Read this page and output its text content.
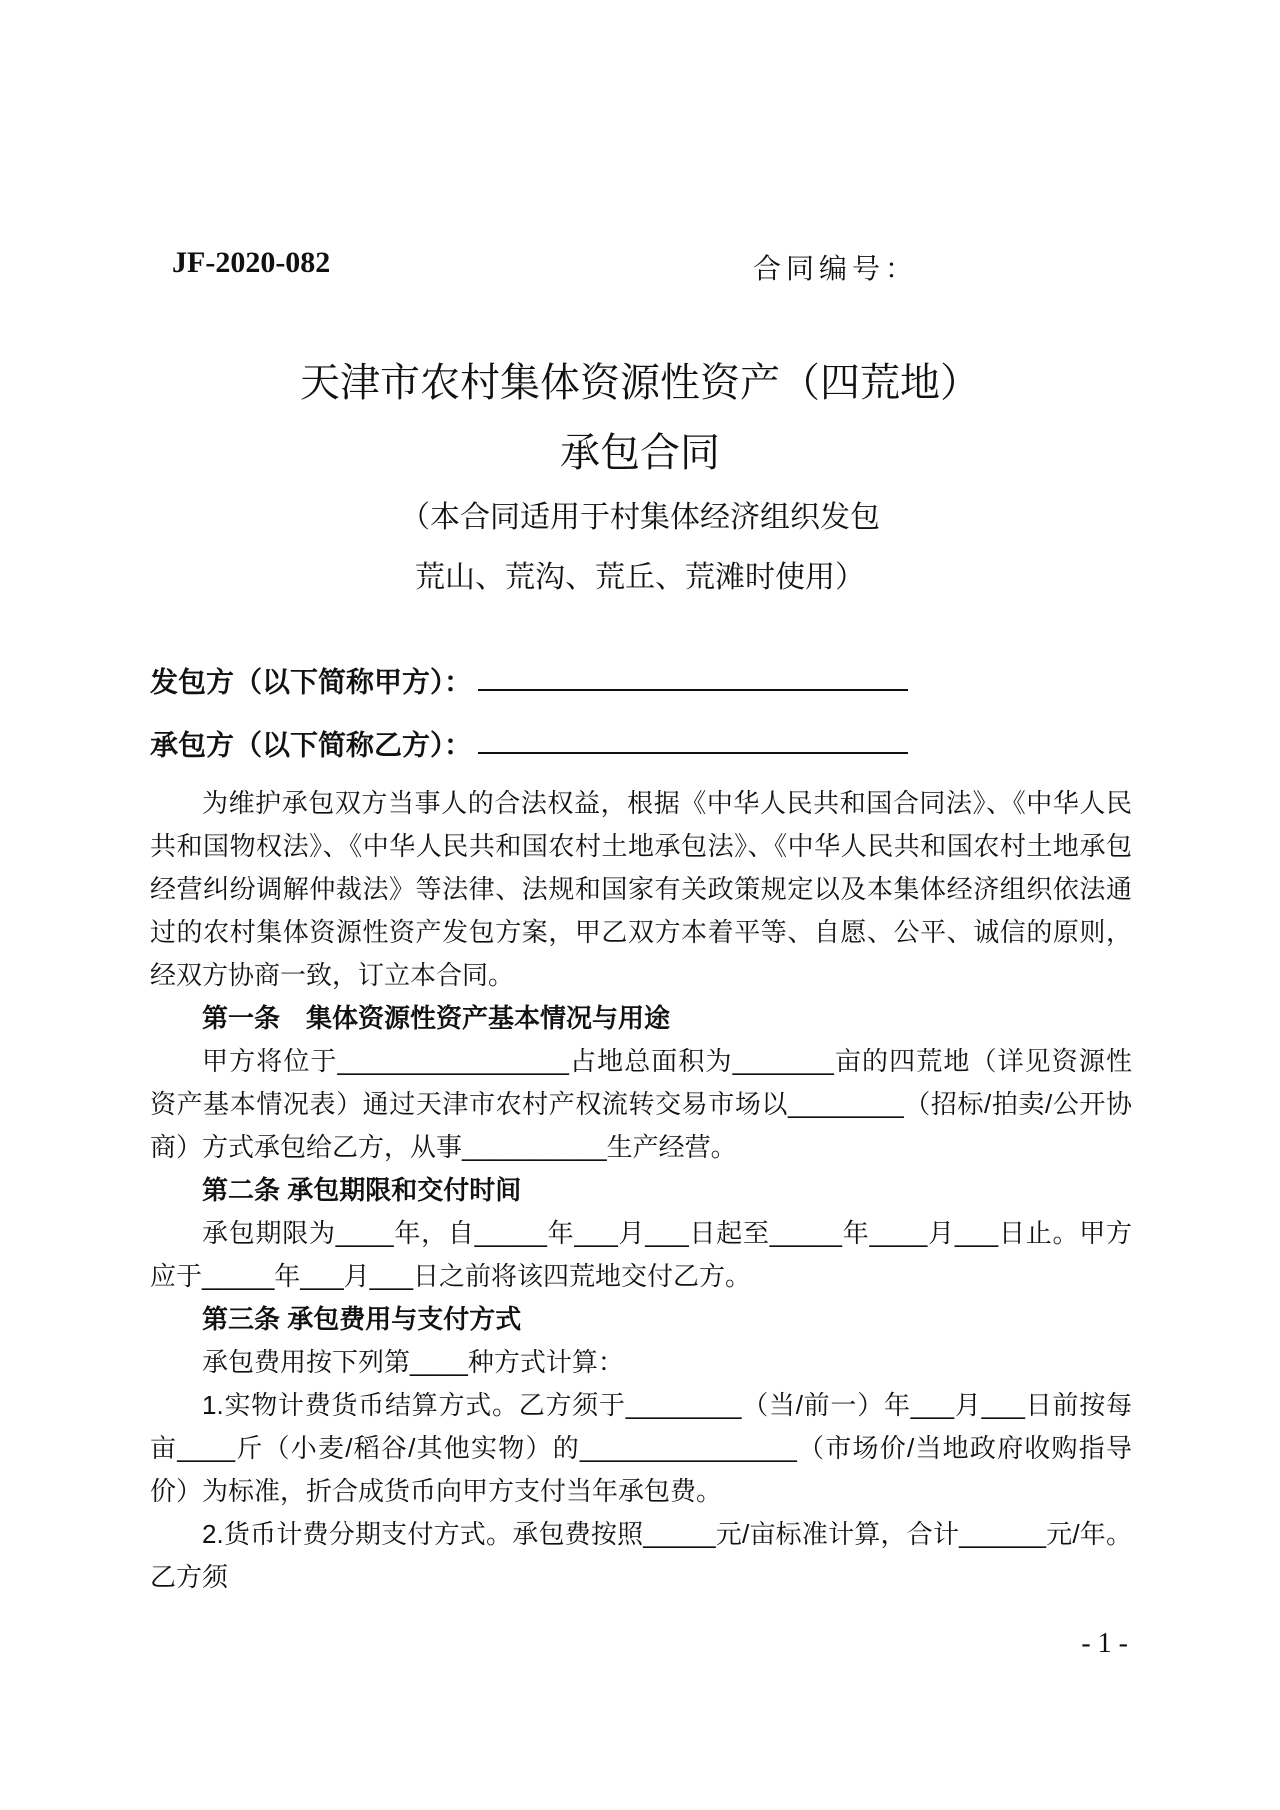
JF-2020-082	合同编号：
天津市农村集体资源性资产（四荒地）
承包合同
（本合同适用于村集体经济组织发包
荒山、荒沟、荒丘、荒滩时使用）
发包方（以下简称甲方）：
承包方（以下简称乙方）：

为维护承包双方当事人的合法权益，根据《中华人民共和国合同法》、《中华人民共和国物权法》、《中华人民共和国农村土地承包法》、《中华人民共和国农村土地承包经营纠纷调解仲裁法》等法律、法规和国家有关政策规定以及本集体经济组织依法通过的农村集体资源性资产发包方案，甲乙双方本着平等、自愿、公平、诚信的原则，经双方协商一致，订立本合同。

第一条　集体资源性资产基本情况与用途

甲方将位于________________占地总面积为_______亩的四荒地（详见资源性资产基本情况表）通过天津市农村产权流转交易市场以________（招标/拍卖/公开协商）方式承包给乙方，从事__________生产经营。

第二条 承包期限和交付时间

承包期限为____年，自_____年___月___日起至_____年____月___日止。甲方应于_____年___月___日之前将该四荒地交付乙方。

第三条 承包费用与支付方式

承包费用按下列第____种方式计算：

1.实物计费货币结算方式。乙方须于________（当/前一）年___月___日前按每亩____斤（小麦/稻谷/其他实物）的_______________（市场价/当地政府收购指导价）为标准，折合成货币向甲方支付当年承包费。

2.货币计费分期支付方式。承包费按照_____元/亩标准计算，合计______元/年。乙方须

- 1 -
